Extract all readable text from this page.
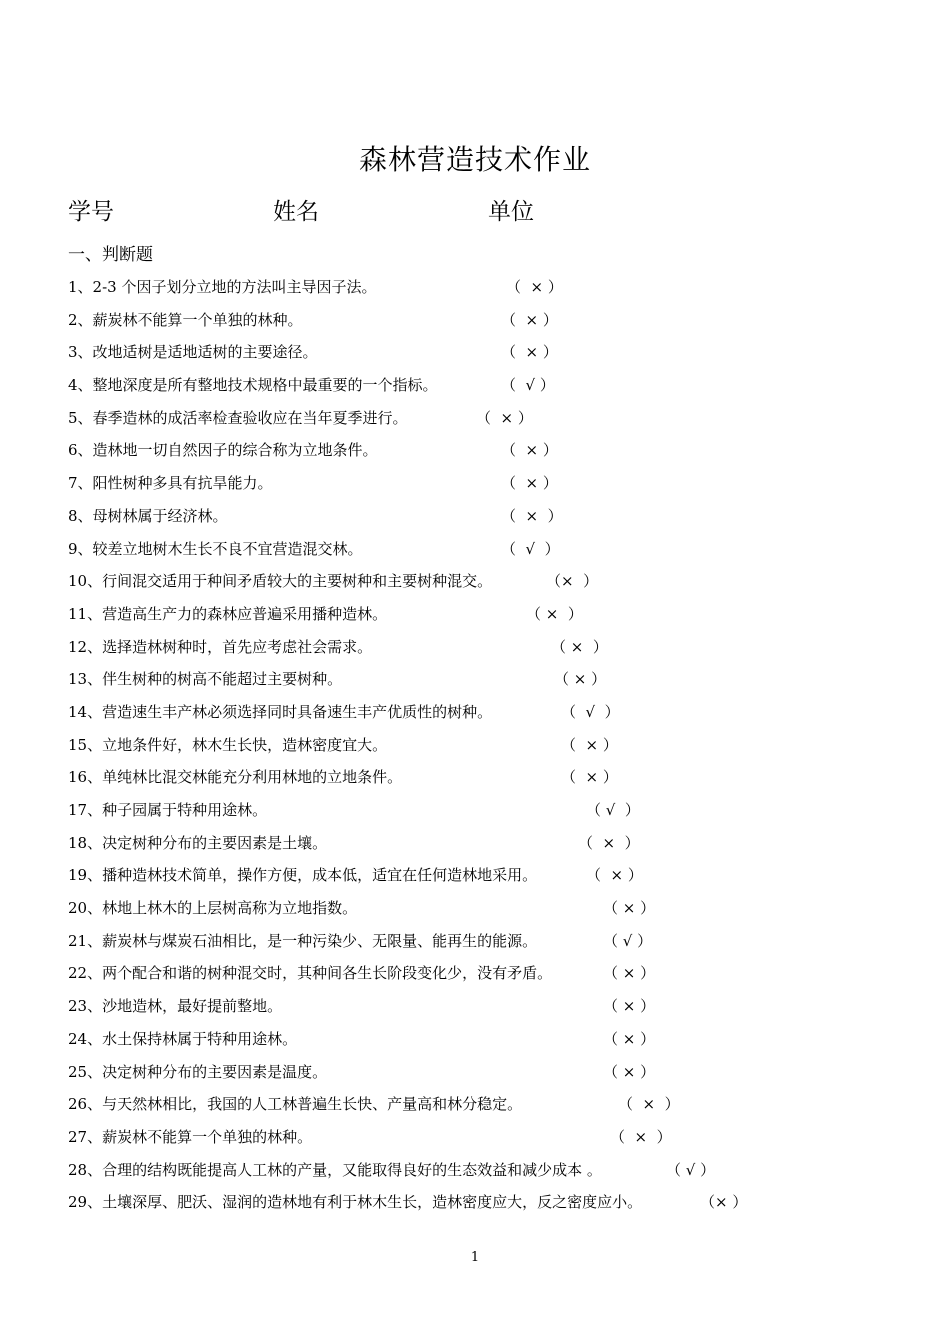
森林营造技术作业
学号	姓名	单位
一、判断题
1、2-3 个因子划分立地的方法叫主导因子法。	（  × ）
2、薪炭林不能算一个单独的林种。	（  × ）
3、改地适树是适地适树的主要途径。	（  × ）
4、整地深度是所有整地技术规格中最重要的一个指标。	（  √ ）
5、春季造林的成活率检查验收应在当年夏季进行。	（  × ）
6、造林地一切自然因子的综合称为立地条件。	（  × ）
7、阳性树种多具有抗旱能力。	（  × ）
8、母树林属于经济林。	（  ×  ）
9、较差立地树木生长不良不宜营造混交林。	（  √  ）
10、行间混交适用于种间矛盾较大的主要树种和主要树种混交。	（×  ）
11、营造高生产力的森林应普遍采用播种造林。	（ ×  ）
12、选择造林树种时，首先应考虑社会需求。	（ ×  ）
13、伴生树种的树高不能超过主要树种。	（ × ）
14、营造速生丰产林必须选择同时具备速生丰产优质性的树种。	（  √  ）
15、立地条件好，林木生长快，造林密度宜大。	（  × ）
16、单纯林比混交林能充分利用林地的立地条件。	（  × ）
17、种子园属于特种用途林。	（ √  ）
18、决定树种分布的主要因素是土壤。	（  ×  ）
19、播种造林技术简单，操作方便，成本低，适宜在任何造林地采用。	（  × ）
20、林地上林木的上层树高称为立地指数。	（ × ）
21、薪炭林与煤炭石油相比，是一种污染少、无限量、能再生的能源。	（ √ ）
22、两个配合和谐的树种混交时，其种间各生长阶段变化少，没有矛盾。	（ × ）
23、沙地造林，最好提前整地。	（ × ）
24、水土保持林属于特种用途林。	（ × ）
25、决定树种分布的主要因素是温度。	（ × ）
26、与天然林相比，我国的人工林普遍生长快、产量高和林分稳定。	（  ×  ）
27、薪炭林不能算一个单独的林种。	（  ×  ）
28、合理的结构既能提高人工林的产量，又能取得良好的生态效益和减少成本 。	（ √ ）
29、土壤深厚、肥沃、湿润的造林地有利于林木生长，造林密度应大，反之密度应小。	（× ）
1
